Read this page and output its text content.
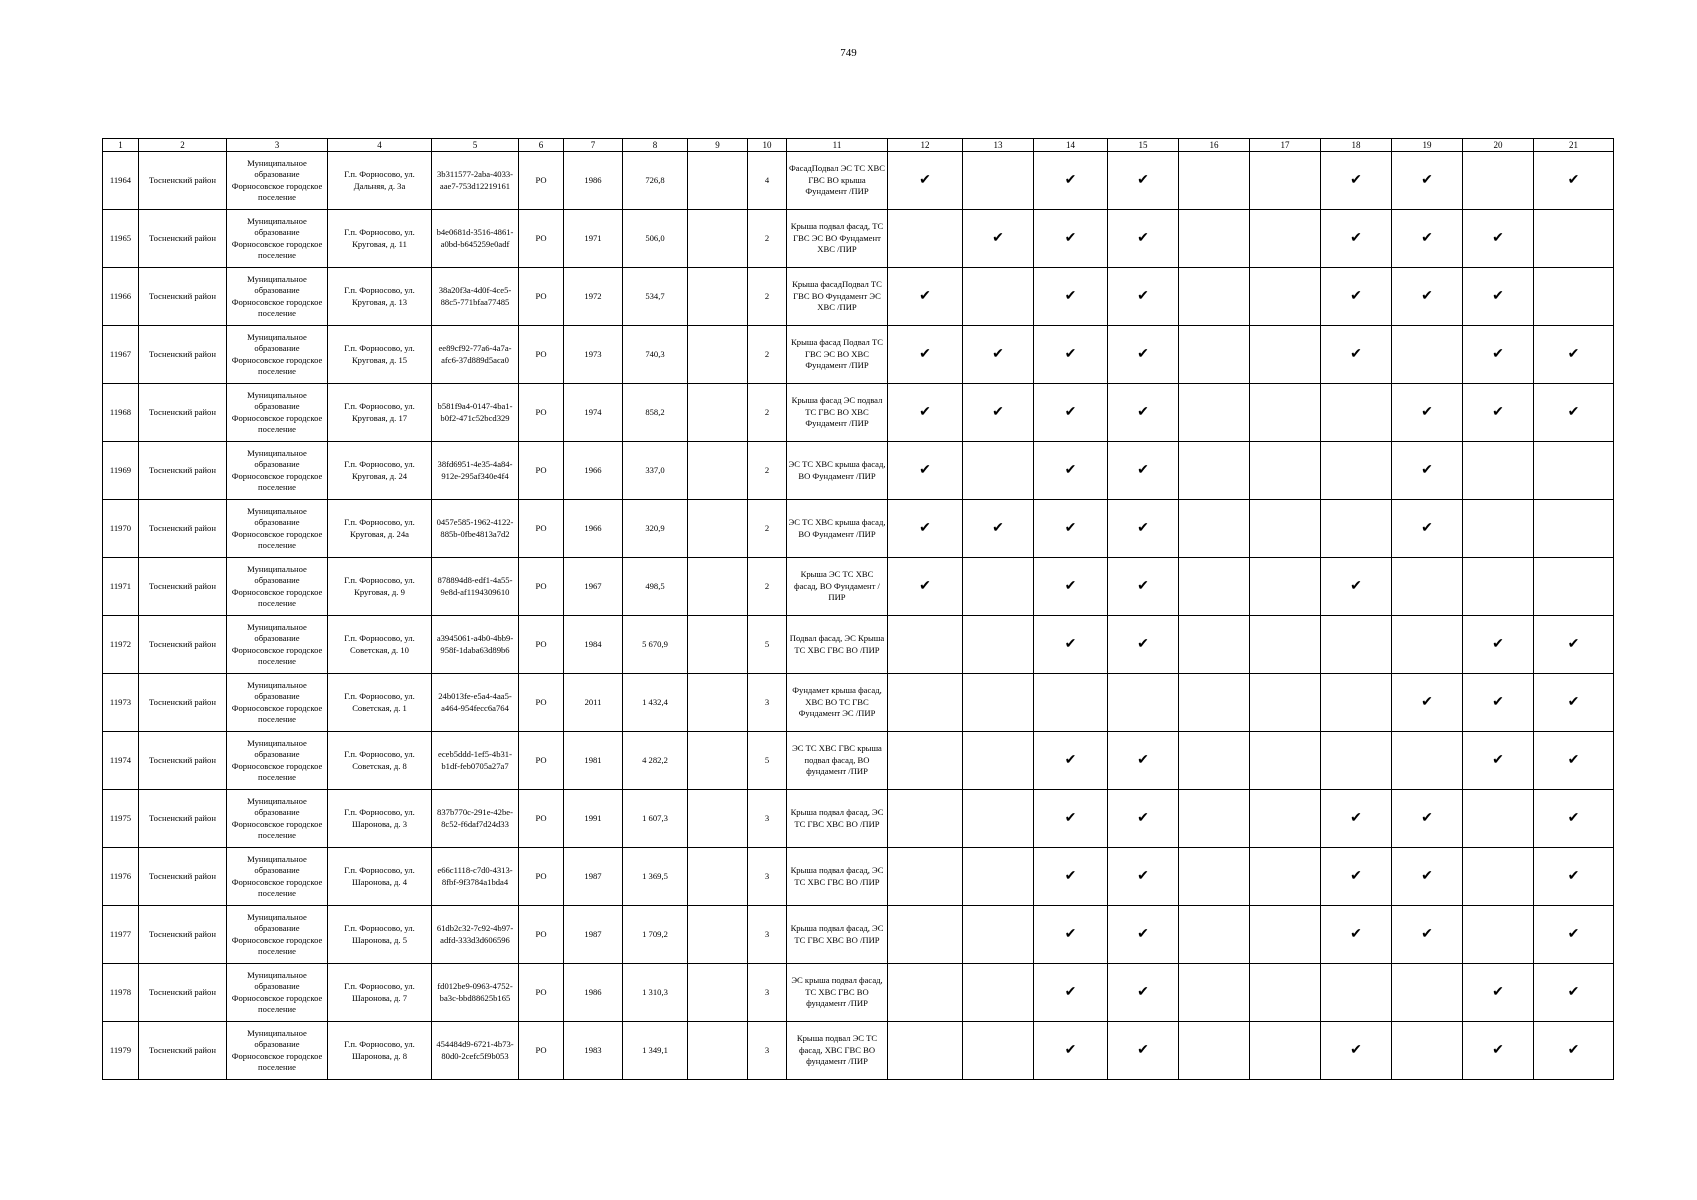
749
1	2	3	4	5	6	7	8	9	10	11	12	13	14	15	16	17	18	19	20	21
11964	Тосненский район	Муниципальное образование Форносовское городское поселение	Г.п. Форносово, ул. Дальняя, д. 3а	3b311577-2aba-4033-aae7-753d12219161	РО	1986	726,8		4	ФасадПодвал ЭС ТС ХВС ГВС ВО крыша Фундамент /ПИР	✔		✔	✔			✔	✔		✔
11965	Тосненский район	Муниципальное образование Форносовское городское поселение	Г.п. Форносово, ул. Круговая, д. 11	b4e0681d-3516-4861-a0bd-b645259e0adf	РО	1971	506,0		2	Крыша подвал фасад, ТС ГВС ЭС ВО Фундамент ХВС /ПИР		✔	✔	✔			✔	✔	✔	
11966	Тосненский район	Муниципальное образование Форносовское городское поселение	Г.п. Форносово, ул. Круговая, д. 13	38a20f3a-4d0f-4ce5-88c5-771bfaa77485	РО	1972	534,7		2	Крыша фасадПодвал ТС ГВС ВО Фундамент ЭС ХВС /ПИР	✔		✔	✔			✔	✔	✔	
11967	Тосненский район	Муниципальное образование Форносовское городское поселение	Г.п. Форносово, ул. Круговая, д. 15	ee89cf92-77a6-4a7a-afc6-37d889d5aca0	РО	1973	740,3		2	Крыша фасад Подвал ТС ГВС ЭС ВО ХВС Фундамент /ПИР	✔	✔	✔	✔			✔		✔	✔
11968	Тосненский район	Муниципальное образование Форносовское городское поселение	Г.п. Форносово, ул. Круговая, д. 17	b581f9a4-0147-4ba1-b0f2-471c52bcd329	РО	1974	858,2		2	Крыша фасад ЭС подвал ТС ГВС ВО ХВС Фундамент /ПИР	✔	✔	✔	✔				✔	✔	✔
11969	Тосненский район	Муниципальное образование Форносовское городское поселение	Г.п. Форносово, ул. Круговая, д. 24	38fd6951-4e35-4a84-912e-295af340e4f4	РО	1966	337,0		2	ЭС ТС ХВС крыша фасад, ВО Фундамент /ПИР	✔		✔	✔				✔		
11970	Тосненский район	Муниципальное образование Форносовское городское поселение	Г.п. Форносово, ул. Круговая, д. 24а	0457e585-1962-4122-885b-0fbe4813a7d2	РО	1966	320,9		2	ЭС ТС ХВС крыша фасад, ВО Фундамент /ПИР	✔	✔	✔	✔				✔		
11971	Тосненский район	Муниципальное образование Форносовское городское поселение	Г.п. Форносово, ул. Круговая, д. 9	878894d8-edf1-4a55-9e8d-af1194309610	РО	1967	498,5		2	Крыша ЭС ТС ХВС фасад, ВО Фундамент /ПИР	✔		✔	✔			✔			
11972	Тосненский район	Муниципальное образование Форносовское городское поселение	Г.п. Форносово, ул. Советская, д. 10	a3945061-a4b0-4bb9-958f-1daba63d89b6	РО	1984	5 670,9		5	Подвал фасад, ЭС Крыша ТС ХВС ГВС ВО /ПИР			✔	✔					✔	✔
11973	Тосненский район	Муниципальное образование Форносовское городское поселение	Г.п. Форносово, ул. Советская, д. 1	24b013fe-e5a4-4aa5-a464-954fecc6a764	РО	2011	1 432,4		3	Фундамет крыша фасад, ХВС ВО ТС ГВС Фундамент ЭС /ПИР								✔	✔	✔
11974	Тосненский район	Муниципальное образование Форносовское городское поселение	Г.п. Форносово, ул. Советская, д. 8	eceb5ddd-1ef5-4b31-b1df-feb0705a27a7	РО	1981	4 282,2		5	ЭС ТС ХВС ГВС крыша подвал фасад, ВО фундамент /ПИР			✔	✔					✔	✔
11975	Тосненский район	Муниципальное образование Форносовское городское поселение	Г.п. Форносово, ул. Шаронова, д. 3	837b770c-291e-42be-8c52-f6daf7d24d33	РО	1991	1 607,3		3	Крыша подвал фасад, ЭС ТС ГВС ХВС ВО /ПИР			✔	✔			✔	✔		✔
11976	Тосненский район	Муниципальное образование Форносовское городское поселение	Г.п. Форносово, ул. Шаронова, д. 4	e66c1118-c7d0-4313-8fbf-9f3784a1bda4	РО	1987	1 369,5		3	Крыша подвал фасад, ЭС ТС ХВС ГВС ВО /ПИР			✔	✔			✔	✔		✔
11977	Тосненский район	Муниципальное образование Форносовское городское поселение	Г.п. Форносово, ул. Шаронова, д. 5	61db2c32-7c92-4b97-adfd-333d3d606596	РО	1987	1 709,2		3	Крыша подвал фасад, ЭС ТС ГВС ХВС ВО /ПИР			✔	✔			✔	✔		✔
11978	Тосненский район	Муниципальное образование Форносовское городское поселение	Г.п. Форносово, ул. Шаронова, д. 7	fd012be9-0963-4752-ba3c-bbd88625b165	РО	1986	1 310,3		3	ЭС крыша подвал фасад, ТС ХВС ГВС ВО фундамент /ПИР			✔	✔					✔	✔
11979	Тосненский район	Муниципальное образование Форносовское городское поселение	Г.п. Форносово, ул. Шаронова, д. 8	454484d9-6721-4b73-80d0-2cefc5f9b053	РО	1983	1 349,1		3	Крыша подвал ЭС ТС фасад, ХВС ГВС ВО фундамент /ПИР			✔	✔			✔		✔	✔
